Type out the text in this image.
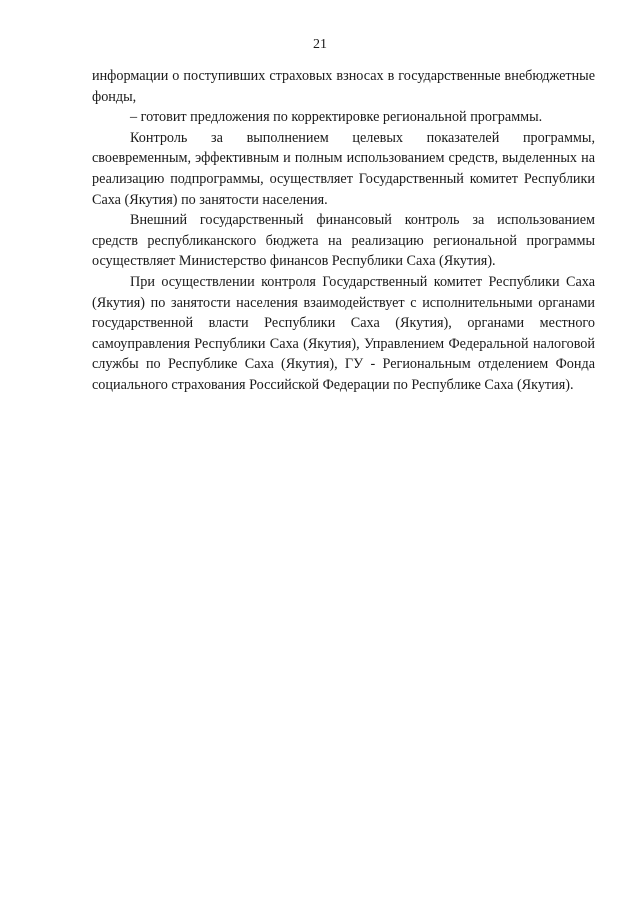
21

информации о поступивших страховых взносах в государственные внебюджетные фонды,

– готовит предложения по корректировке региональной программы.

Контроль за выполнением целевых показателей программы, своевременным, эффективным и полным использованием средств, выделенных на реализацию подпрограммы, осуществляет Государственный комитет Республики Саха (Якутия) по занятости населения.

Внешний государственный финансовый контроль за использованием средств республиканского бюджета на реализацию региональной программы осуществляет Министерство финансов Республики Саха (Якутия).

При осуществлении контроля Государственный комитет Республики Саха (Якутия) по занятости населения взаимодействует с исполнительными органами государственной власти Республики Саха (Якутия), органами местного самоуправления Республики Саха (Якутия), Управлением Федеральной налоговой службы по Республике Саха (Якутия), ГУ - Региональным отделением Фонда социального страхования Российской Федерации по Республике Саха (Якутия).
